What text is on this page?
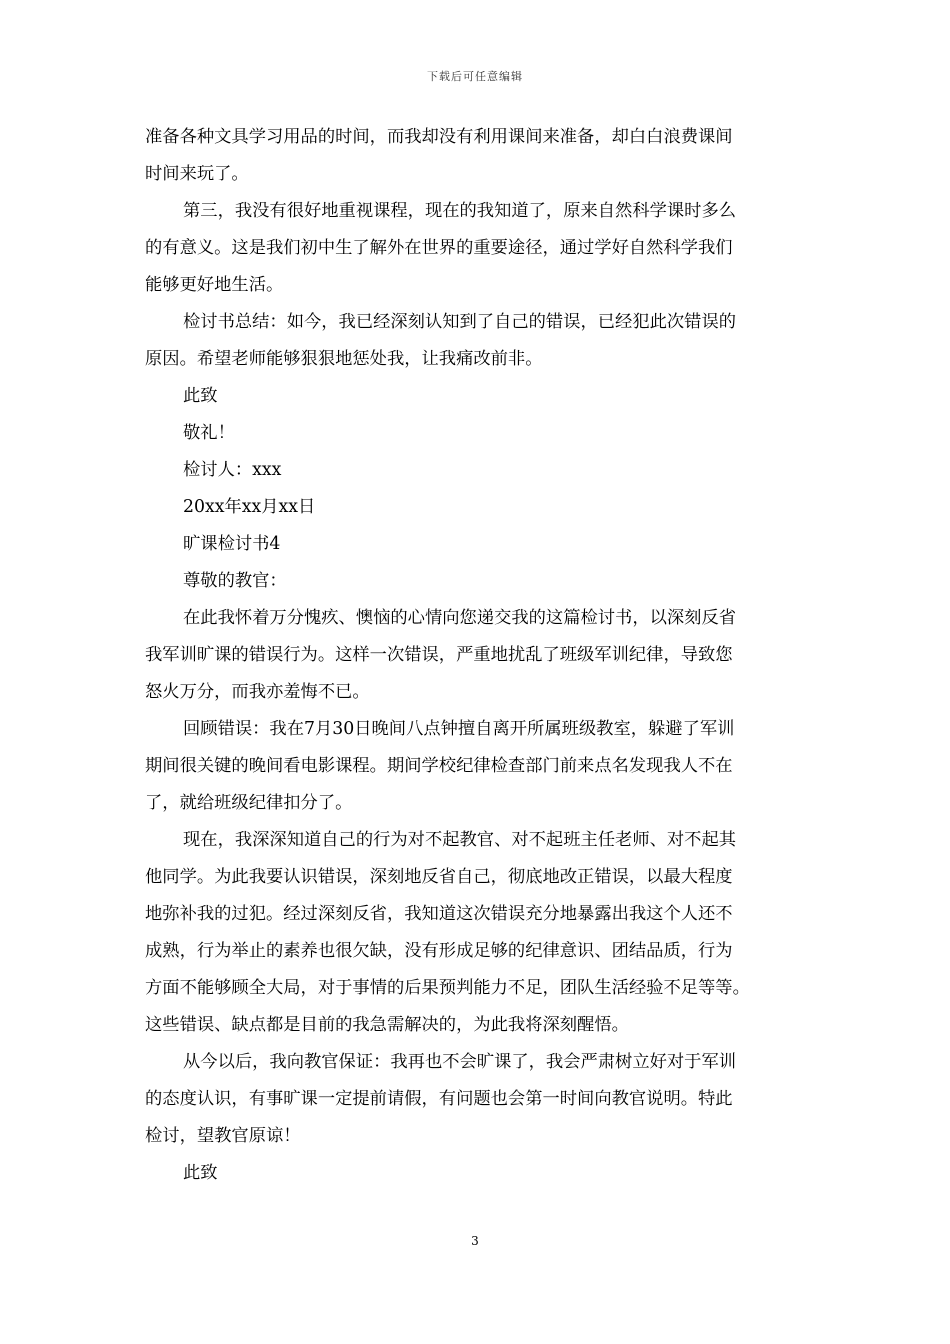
下载后可任意编辑
准备各种文具学习用品的时间，而我却没有利用课间来准备，却白白浪费课间
时间来玩了。
第三，我没有很好地重视课程，现在的我知道了，原来自然科学课时多么
的有意义。这是我们初中生了解外在世界的重要途径，通过学好自然科学我们
能够更好地生活。
检讨书总结：如今，我已经深刻认知到了自己的错误，已经犯此次错误的
原因。希望老师能够狠狠地惩处我，让我痛改前非。
此致
敬礼！
检讨人：xxx
20xx年xx月xx日
旷课检讨书4
尊敬的教官：
在此我怀着万分愧疚、懊恼的心情向您递交我的这篇检讨书，以深刻反省
我军训旷课的错误行为。这样一次错误，严重地扰乱了班级军训纪律，导致您
怒火万分，而我亦羞悔不已。
回顾错误：我在7月30日晚间八点钟擅自离开所属班级教室，躲避了军训
期间很关键的晚间看电影课程。期间学校纪律检查部门前来点名发现我人不在
了，就给班级纪律扣分了。
现在，我深深知道自己的行为对不起教官、对不起班主任老师、对不起其
他同学。为此我要认识错误，深刻地反省自己，彻底地改正错误，以最大程度
地弥补我的过犯。经过深刻反省，我知道这次错误充分地暴露出我这个人还不
成熟，行为举止的素养也很欠缺，没有形成足够的纪律意识、团结品质，行为
方面不能够顾全大局，对于事情的后果预判能力不足，团队生活经验不足等等。
这些错误、缺点都是目前的我急需解决的，为此我将深刻醒悟。
从今以后，我向教官保证：我再也不会旷课了，我会严肃树立好对于军训
的态度认识，有事旷课一定提前请假，有问题也会第一时间向教官说明。特此
检讨，望教官原谅！
此致
3
